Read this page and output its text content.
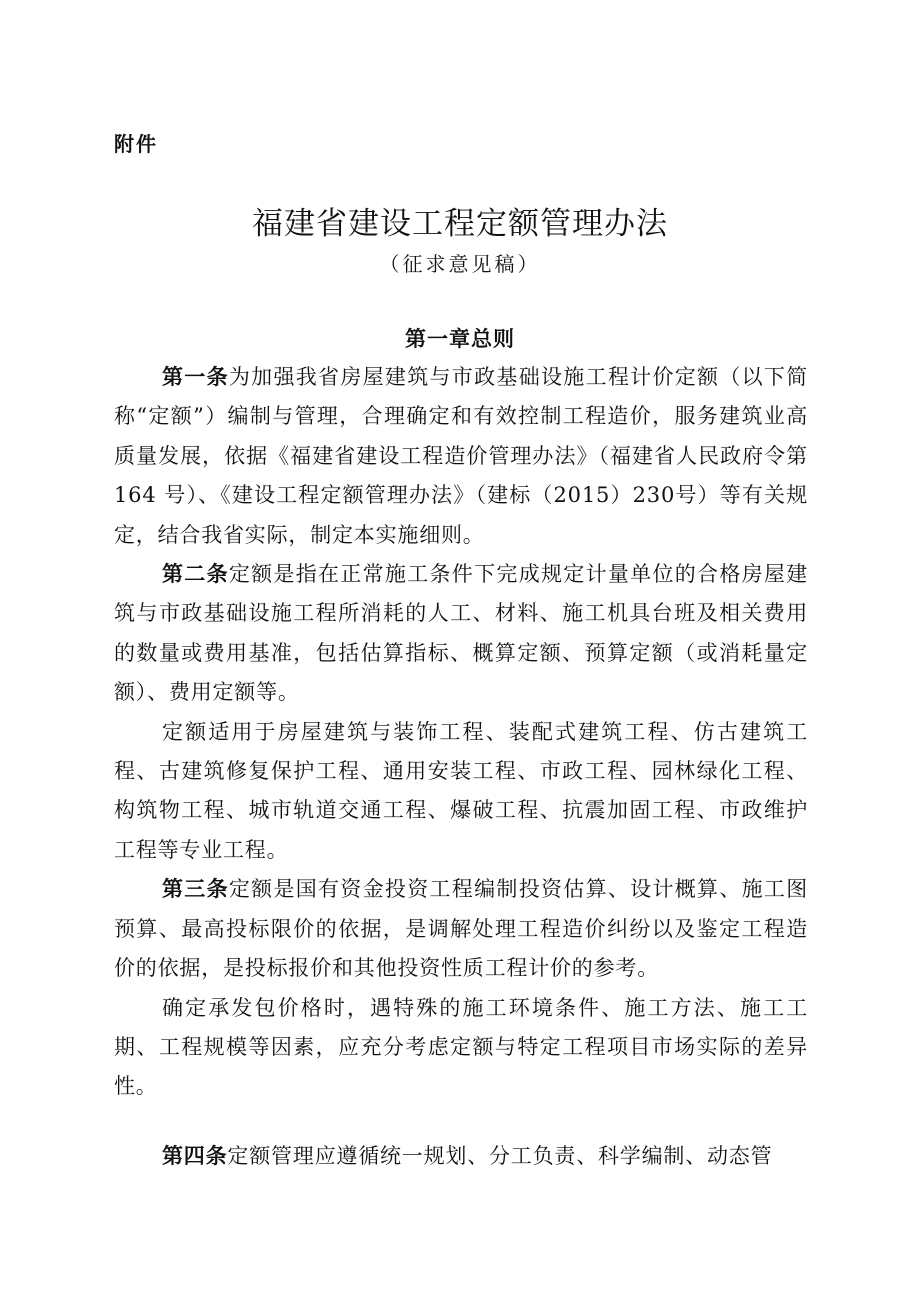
附件
福建省建设工程定额管理办法
（征求意见稿）
第一章总则

第一条为加强我省房屋建筑与市政基础设施工程计价定额（以下简称“定额”）编制与管理，合理确定和有效控制工程造价，服务建筑业高质量发展，依据《福建省建设工程造价管理办法》（福建省人民政府令第 164 号）、《建设工程定额管理办法》（建标（2015）230号）等有关规定，结合我省实际，制定本实施细则。

第二条定额是指在正常施工条件下完成规定计量单位的合格房屋建筑与市政基础设施工程所消耗的人工、材料、施工机具台班及相关费用的数量或费用基准，包括估算指标、概算定额、预算定额（或消耗量定额）、费用定额等。

定额适用于房屋建筑与装饰工程、装配式建筑工程、仿古建筑工程、古建筑修复保护工程、通用安装工程、市政工程、园林绿化工程、构筑物工程、城市轨道交通工程、爆破工程、抗震加固工程、市政维护工程等专业工程。

第三条定额是国有资金投资工程编制投资估算、设计概算、施工图预算、最高投标限价的依据，是调解处理工程造价纠纷以及鉴定工程造价的依据，是投标报价和其他投资性质工程计价的参考。

确定承发包价格时，遇特殊的施工环境条件、施工方法、施工工期、工程规模等因素，应充分考虑定额与特定工程项目市场实际的差异性。

第四条定额管理应遵循统一规划、分工负责、科学编制、动态管
